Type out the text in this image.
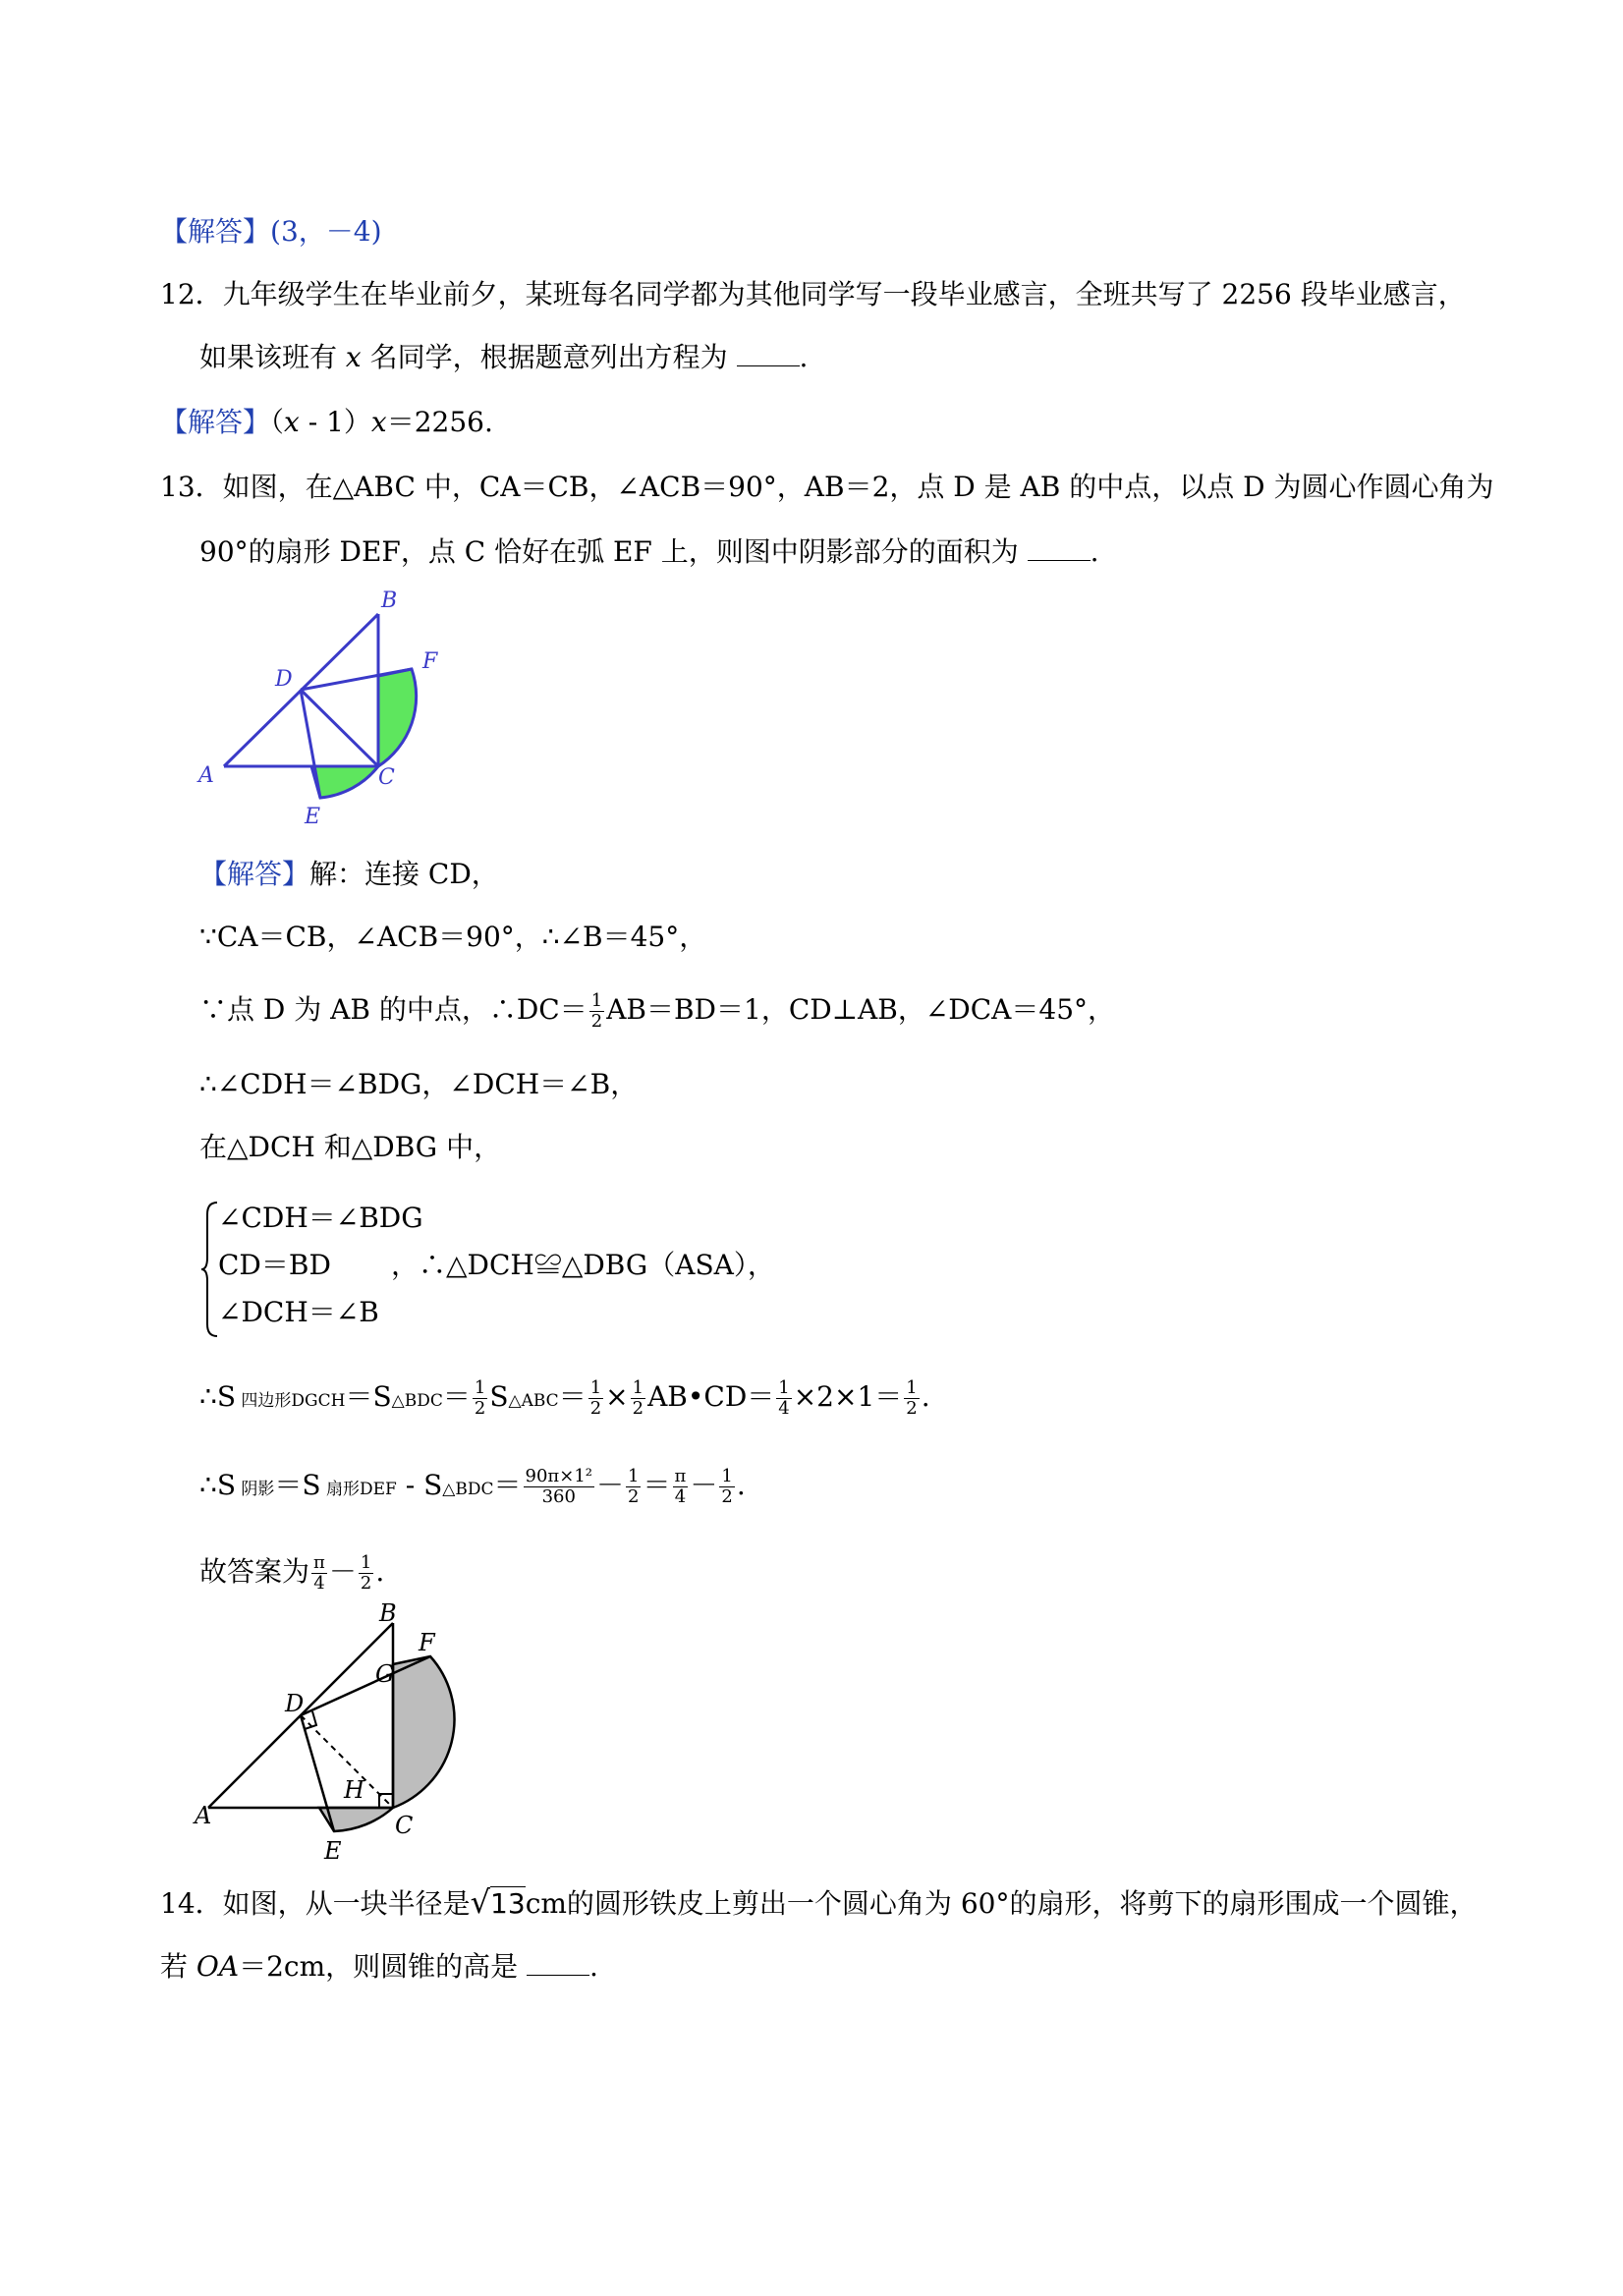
【解答】(3，－4)
12．九年级学生在毕业前夕，某班每名同学都为其他同学写一段毕业感言，全班共写了 2256 段毕业感言，
如果该班有 x 名同学，根据题意列出方程为 .
【解答】（x - 1）x＝2256.
13．如图，在△ABC 中，CA＝CB，∠ACB＝90°，AB＝2，点 D 是 AB 的中点，以点 D 为圆心作圆心角为
90°的扇形 DEF，点 C 恰好在弧 EF 上，则图中阴影部分的面积为 .
B
F
D
A	C
E
【解答】解：连接 CD，
∵CA＝CB，∠ACB＝90°，∴∠B＝45°，
∵点 D 为 AB 的中点，∴DC＝ $\frac{1}{2} AB=BD=1$，CD⊥AB，∠DCA＝45°，
∴∠CDH＝∠BDG，∠DCH＝∠B，
在△DCH 和△DBG 中，
∠CDH＝∠BDG
CD＝BD
∠DCH＝∠B
，∴△DCH≌△DBG（ASA），
∴S 四边形DGCH＝S△BDC＝ $\frac{1}{2}$ S△ABC＝ $\frac{1}{2} \times \frac{1}{2}$ AB•CD＝ $\frac{1}{4} \times 2\times 1= \frac{1}{2}$ .
∴S 阴影＝S 扇形DEF - S△BDC＝ $\frac{\text{90π×1²}}{360} - \frac{1}{2} = \frac{\pi}{4} - \frac{1}{2}$ .
故答案为 $\frac{\pi}{4} - \frac{1}{2}$ .
B
G
F
D
H
A	C
E
14．如图，从一块半径是√13cm的圆形铁皮上剪出一个圆心角为 60°的扇形，将剪下的扇形围成一个圆锥，
若 OA＝2cm，则圆锥的高是 .
